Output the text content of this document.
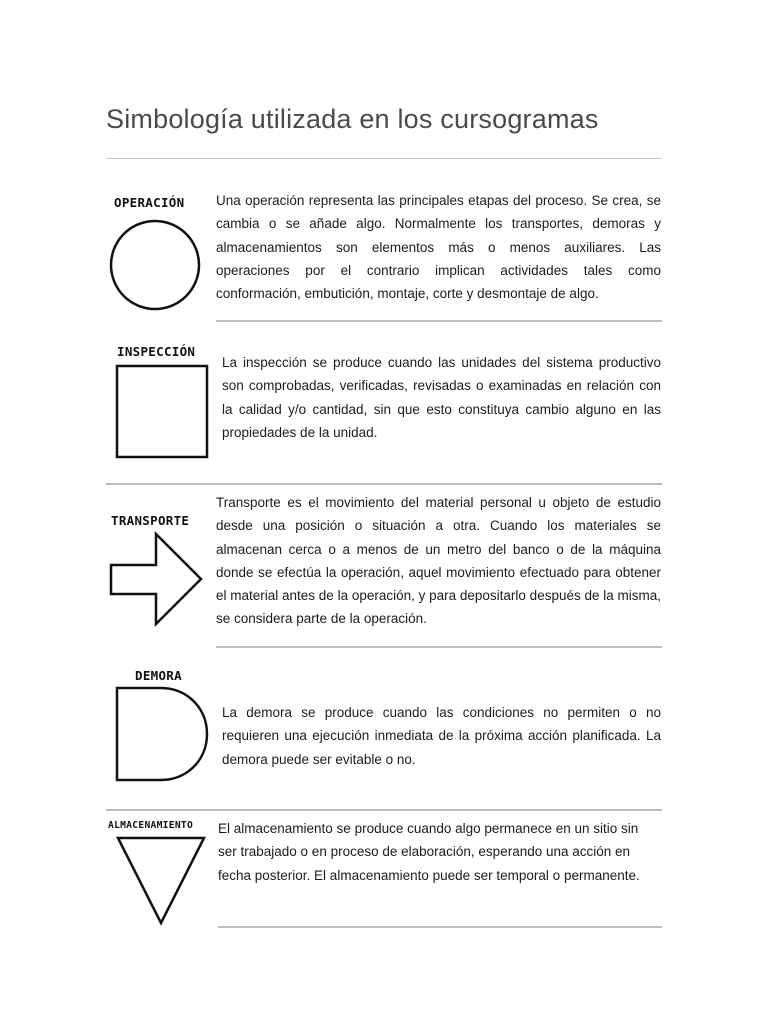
Simbología utilizada en los cursogramas
OPERACIÓN Una operación representa las principales etapas del proceso. Se crea, se cambia o se añade algo. Normalmente los transportes, demoras y almacenamientos son elementos más o menos auxiliares. Las operaciones por el contrario implican actividades tales como conformación, embutición, montaje, corte y desmontaje de algo.

INSPECCIÓN

La inspección se produce cuando las unidades del sistema productivo son comprobadas, verificadas, revisadas o examinadas en relación con la calidad y/o cantidad, sin que esto constituya cambio alguno en las propiedades de la unidad.

TRANSPORTE

Transporte es el movimiento del material personal u objeto de estudio desde una posición o situación a otra. Cuando los materiales se almacenan cerca o a menos de un metro del banco o de la máquina donde se efectúa la operación, aquel movimiento efectuado para obtener el material antes de la operación, y para depositarlo después de la misma, se considera parte de la operación.

DEMORA

La demora se produce cuando las condiciones no permiten o no requieren una ejecución inmediata de la próxima acción planificada. La demora puede ser evitable o no.

ALMACENAMIENTO El almacenamiento se produce cuando algo permanece en un sitio sin ser trabajado o en proceso de elaboración, esperando una acción en fecha posterior. El almacenamiento puede ser temporal o permanente.
